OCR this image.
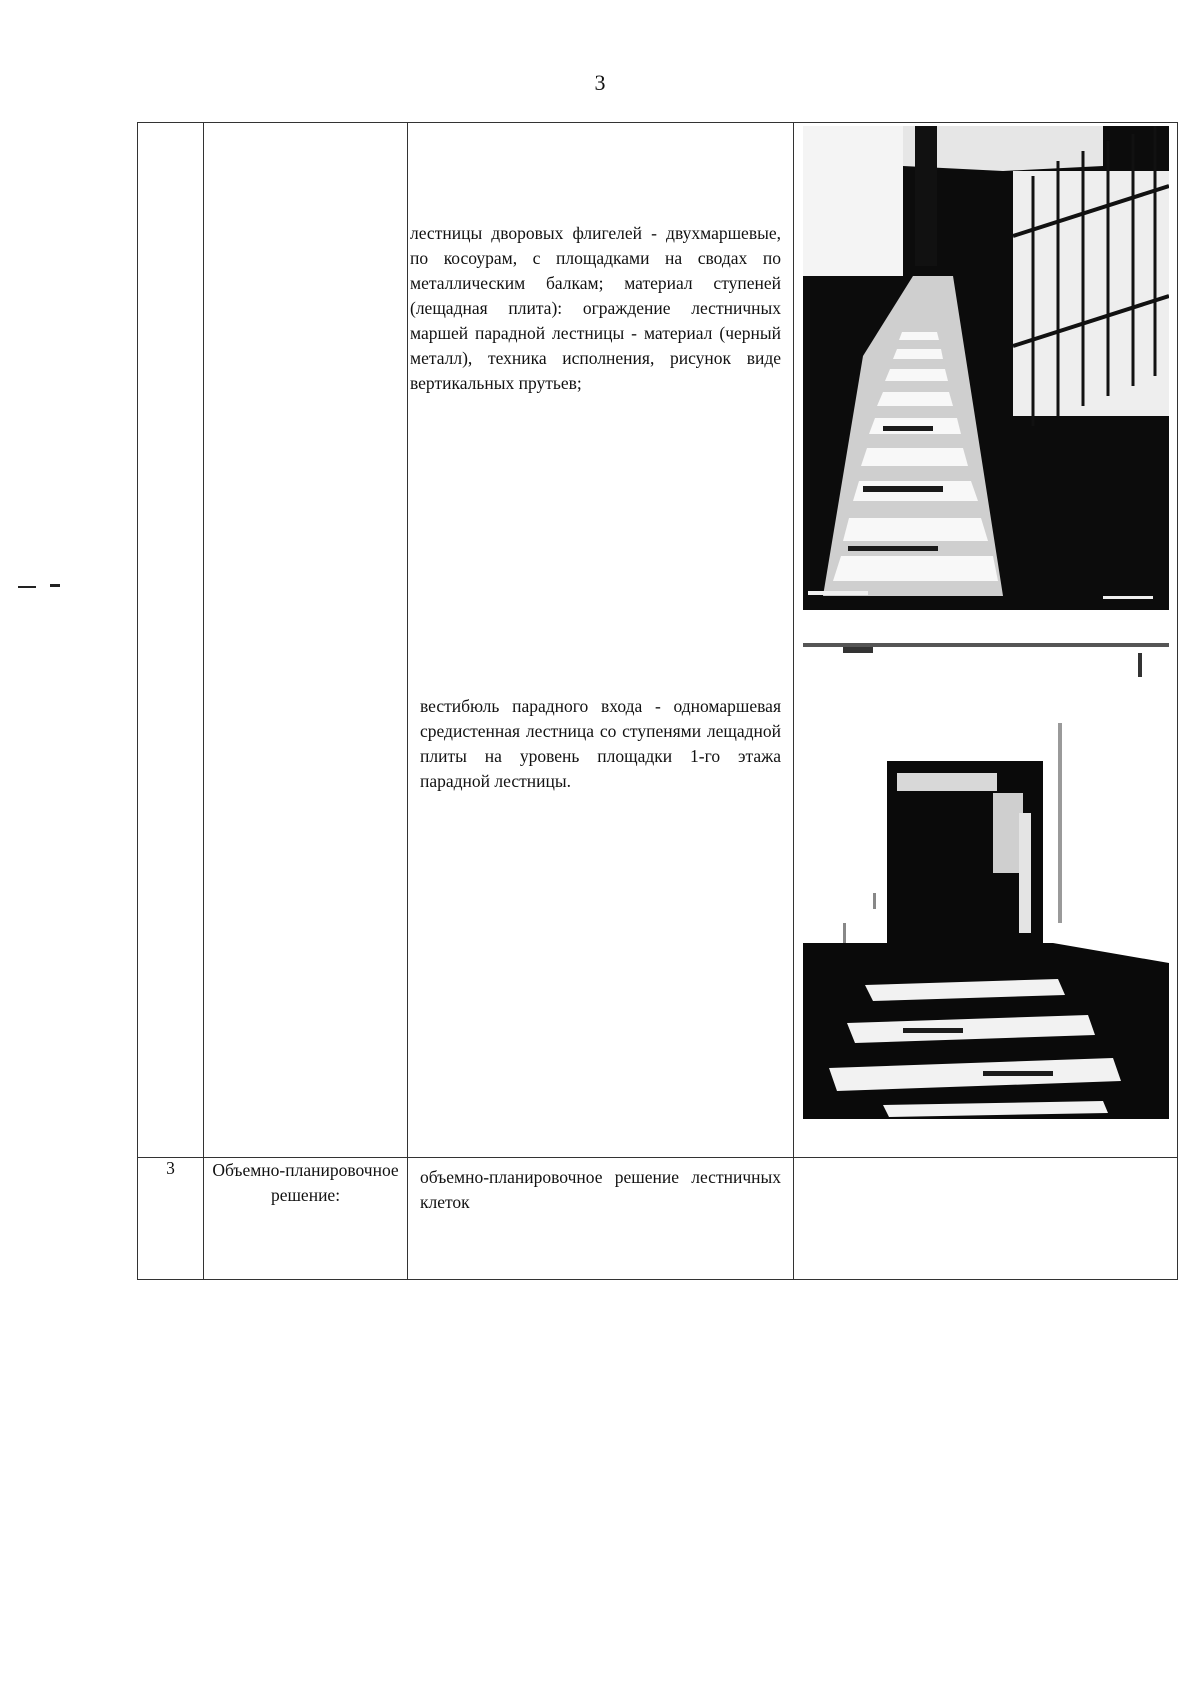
3

		лестницы дворовых флигелей - двухмаршевые, по косоурам, с площадками на сводах по металлическим балкам; материал ступеней (лещадная плита): ограждение лестничных маршей парадной лестницы - материал (черный металл), техника исполнения, рисунок виде вертикальных прутьев;
вестибюль парадного входа - одномаршевая средистенная лестница со ступенями лещадной плиты на уровень площадки 1-го этажа парадной лестницы.

3	Объемно-планировочное решение:	объемно-планировочное решение лестничных клеток	
